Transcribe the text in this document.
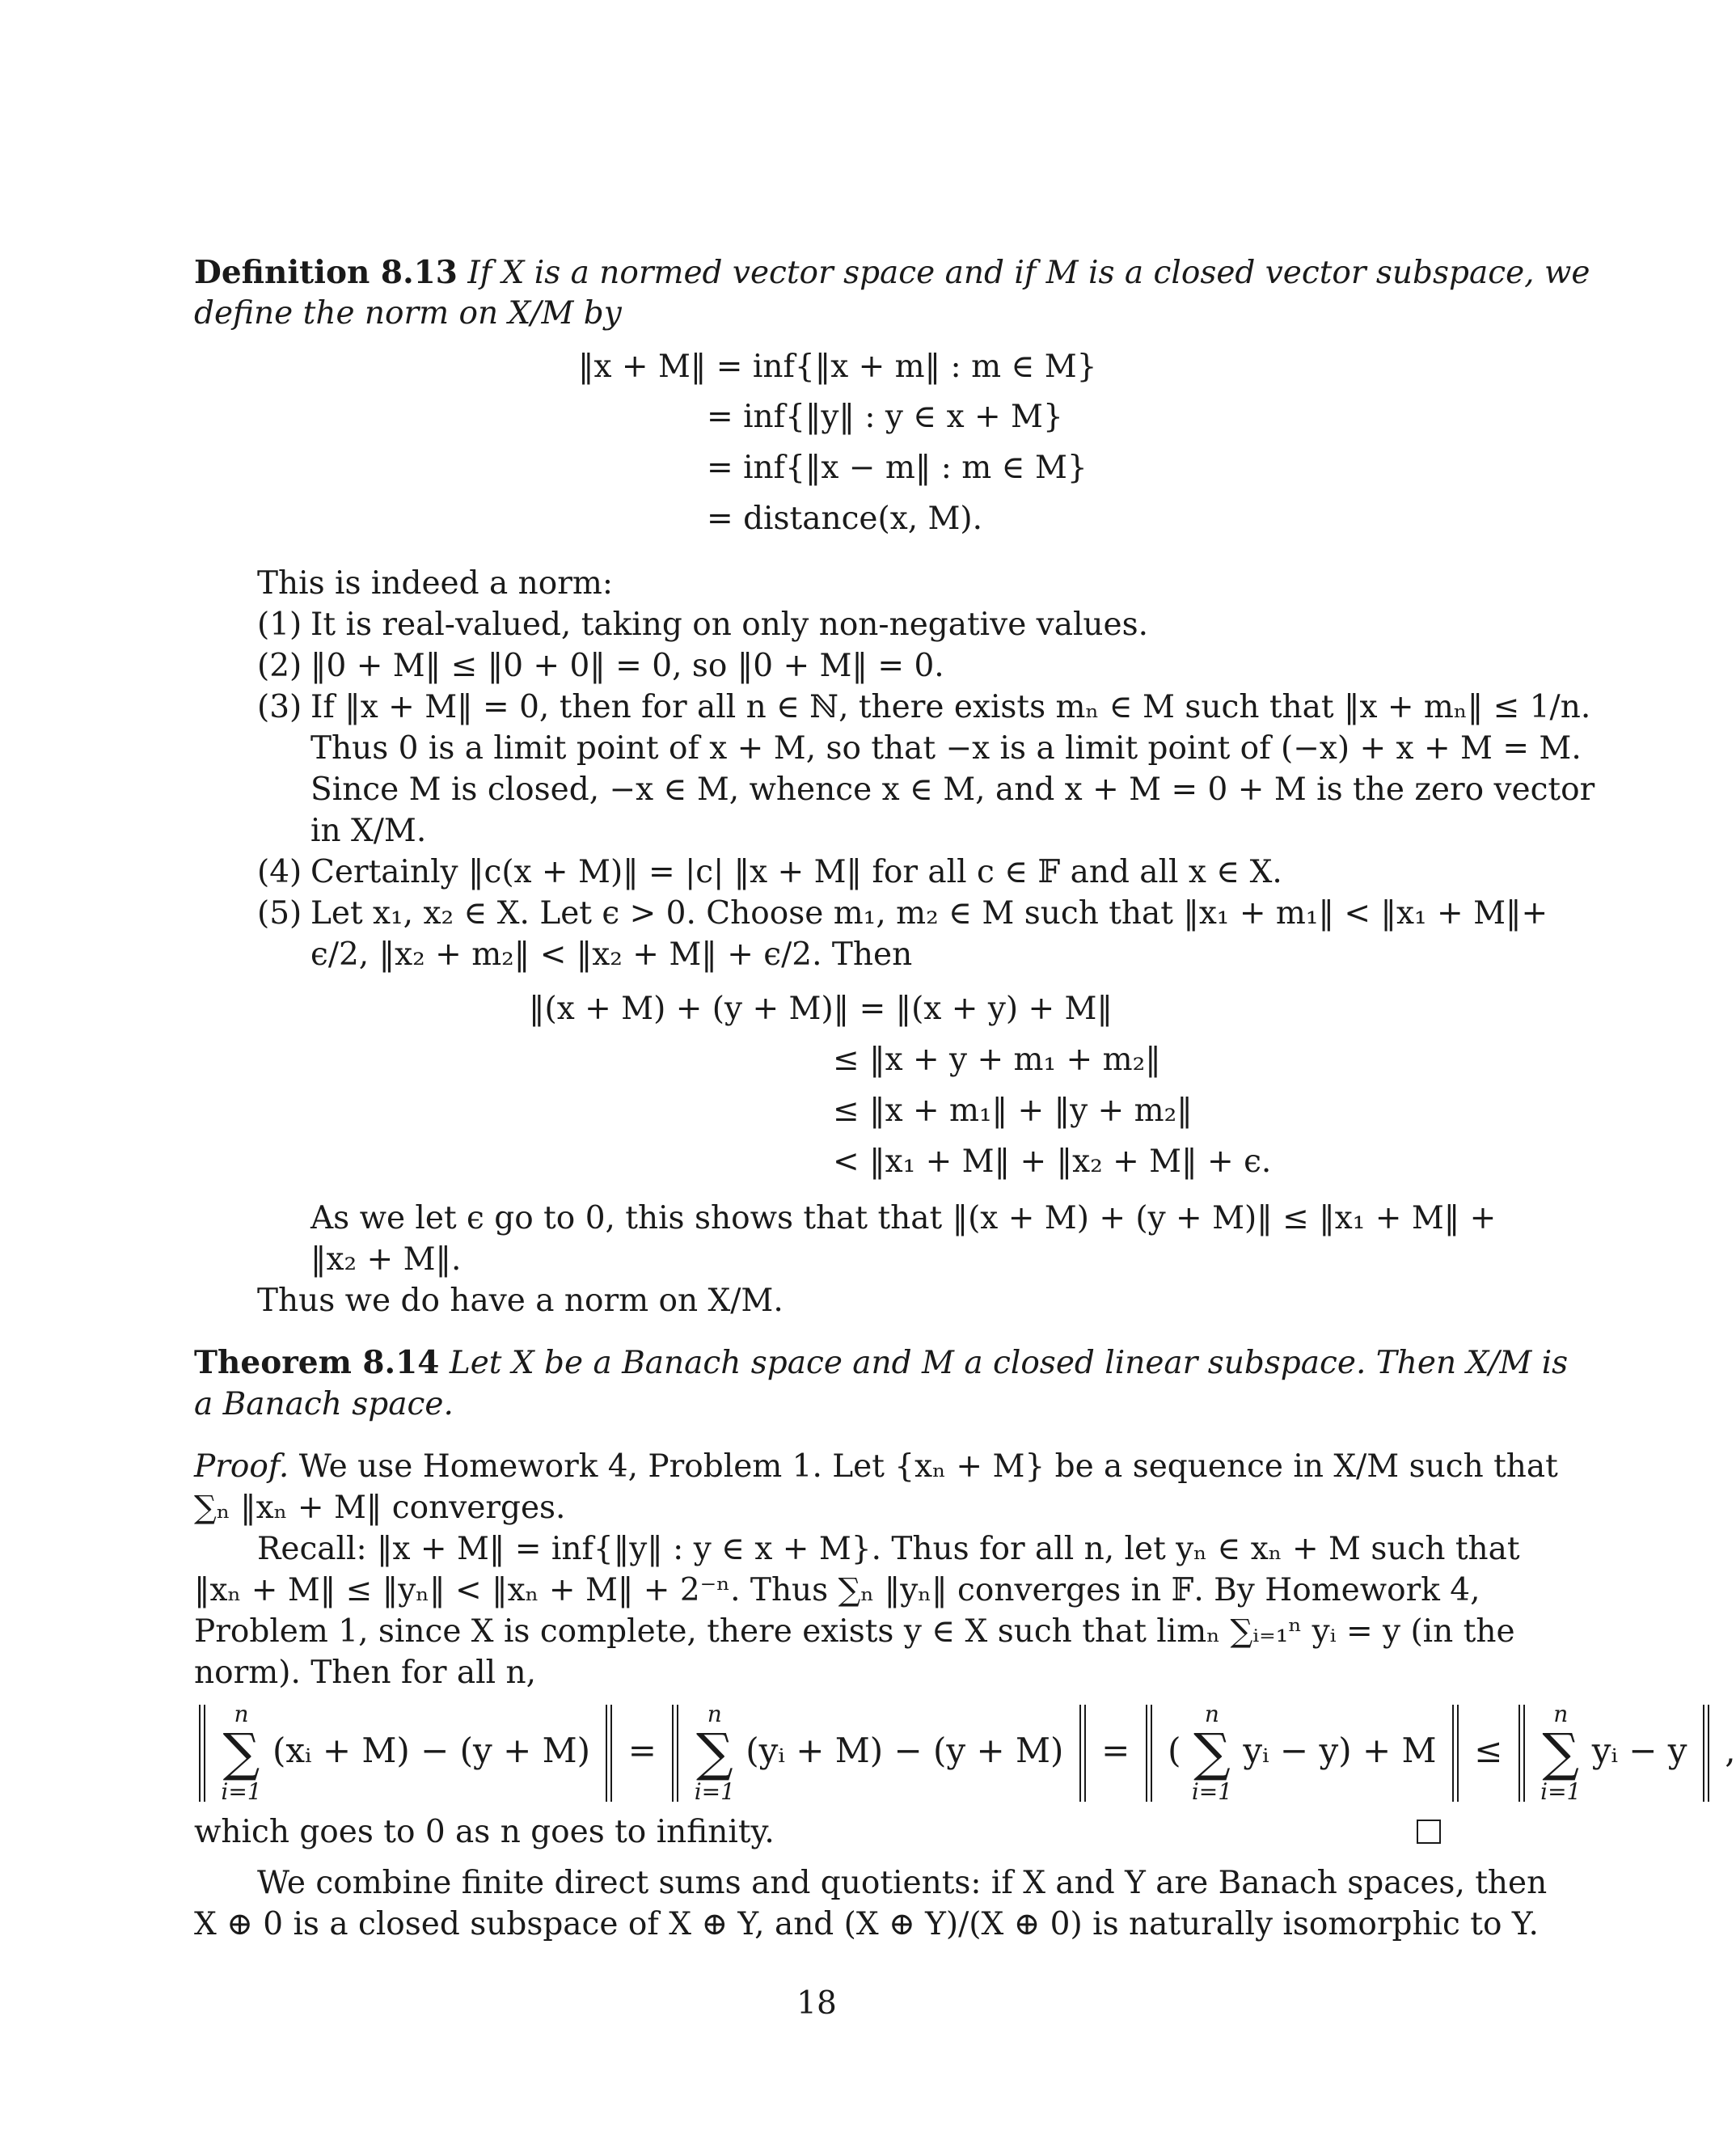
Definition 8.13 If X is a normed vector space and if M is a closed vector subspace, we
define the norm on X/M by
‖x + M‖ = inf{‖x + m‖ : m ∈ M}
= inf{‖y‖ : y ∈ x + M}
= inf{‖x − m‖ : m ∈ M}
= distance(x, M).
This is indeed a norm:
(1) It is real-valued, taking on only non-negative values.
(2) ‖0 + M‖ ≤ ‖0 + 0‖ = 0, so ‖0 + M‖ = 0.
(3) If ‖x + M‖ = 0, then for all n ∈ ℕ, there exists mₙ ∈ M such that ‖x + mₙ‖ ≤ 1/n.
Thus 0 is a limit point of x + M, so that −x is a limit point of (−x) + x + M = M.
Since M is closed, −x ∈ M, whence x ∈ M, and x + M = 0 + M is the zero vector
in X/M.
(4) Certainly ‖c(x + M)‖ = |c| ‖x + M‖ for all c ∈ 𝔽 and all x ∈ X.
(5) Let x₁, x₂ ∈ X. Let ϵ > 0. Choose m₁, m₂ ∈ M such that ‖x₁ + m₁‖ < ‖x₁ + M‖+
ϵ/2, ‖x₂ + m₂‖ < ‖x₂ + M‖ + ϵ/2. Then
‖(x + M) + (y + M)‖ = ‖(x + y) + M‖
≤ ‖x + y + m₁ + m₂‖
≤ ‖x + m₁‖ + ‖y + m₂‖
< ‖x₁ + M‖ + ‖x₂ + M‖ + ϵ.
As we let ϵ go to 0, this shows that that ‖(x + M) + (y + M)‖ ≤ ‖x₁ + M‖ +
‖x₂ + M‖.
Thus we do have a norm on X/M.
Theorem 8.14 Let X be a Banach space and M a closed linear subspace. Then X/M is
a Banach space.
Proof. We use Homework 4, Problem 1. Let {xₙ + M} be a sequence in X/M such that
∑ₙ ‖xₙ + M‖ converges.
Recall: ‖x + M‖ = inf{‖y‖ : y ∈ x + M}. Thus for all n, let yₙ ∈ xₙ + M such that
‖xₙ + M‖ ≤ ‖yₙ‖ < ‖xₙ + M‖ + 2⁻ⁿ. Thus ∑ₙ ‖yₙ‖ converges in 𝔽. By Homework 4,
Problem 1, since X is complete, there exists y ∈ X such that limₙ ∑ᵢ₌₁ⁿ yᵢ = y (in the
norm). Then for all n,

n
∑
i=1
(xᵢ + M) − (y + M) =
n
∑
i=1
(yᵢ + M) − (y + M) = (
n
∑
i=1
yᵢ − y) + M ≤
n
∑
i=1
yᵢ − y ,
which goes to 0 as n goes to infinity.
We combine finite direct sums and quotients: if X and Y are Banach spaces, then
X ⊕ 0 is a closed subspace of X ⊕ Y, and (X ⊕ Y)/(X ⊕ 0) is naturally isomorphic to Y.
18
